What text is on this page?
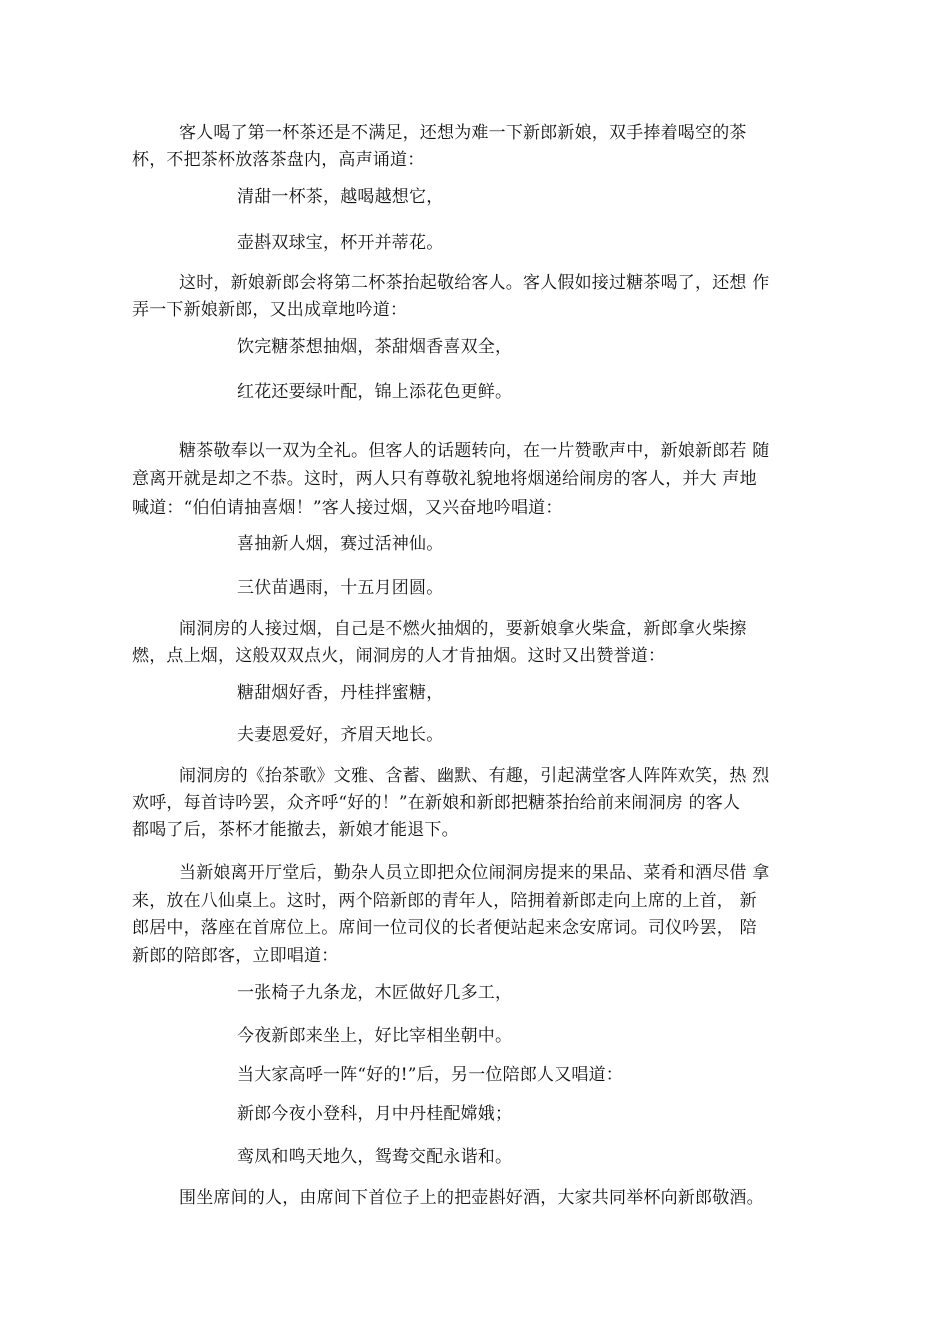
客人喝了第一杯茶还是不满足，还想为难一下新郎新娘，双手捧着喝空的茶
杯，不把茶杯放落茶盘内，高声诵道：
清甜一杯茶，越喝越想它，
壶斟双球宝，杯开并蒂花。
这时，新娘新郎会将第二杯茶抬起敬给客人。客人假如接过糖茶喝了，还想 作
弄一下新娘新郎，又出成章地吟道：
饮完糖茶想抽烟，茶甜烟香喜双全，
红花还要绿叶配，锦上添花色更鲜。
糖茶敬奉以一双为全礼。但客人的话题转向，在一片赞歌声中，新娘新郎若 随
意离开就是却之不恭。这时，两人只有尊敬礼貌地将烟递给闹房的客人，并大 声地
喊道：“伯伯请抽喜烟！”客人接过烟，又兴奋地吟唱道：
喜抽新人烟，赛过活神仙。
三伏苗遇雨，十五月团圆。
闹洞房的人接过烟，自己是不燃火抽烟的，要新娘拿火柴盒，新郎拿火柴擦
燃，点上烟，这般双双点火，闹洞房的人才肯抽烟。这时又出赞誉道：
糖甜烟好香，丹桂拌蜜糖，
夫妻恩爱好，齐眉天地长。
闹洞房的《抬茶歌》文雅、含蓄、幽默、有趣，引起满堂客人阵阵欢笑，热 烈
欢呼，每首诗吟罢，众齐呼“好的！”在新娘和新郎把糖茶抬给前来闹洞房 的客人
都喝了后，茶杯才能撤去，新娘才能退下。
当新娘离开厅堂后，勤杂人员立即把众位闹洞房提来的果品、菜肴和酒尽借 拿
来，放在八仙桌上。这时，两个陪新郎的青年人，陪拥着新郎走向上席的上首， 新
郎居中，落座在首席位上。席间一位司仪的长者便站起来念安席词。司仪吟罢， 陪
新郎的陪郎客，立即唱道：
一张椅子九条龙，木匠做好几多工，
今夜新郎来坐上，好比宰相坐朝中。
当大家高呼一阵“好的!”后，另一位陪郎人又唱道：
新郎今夜小登科，月中丹桂配嫦娥；
鸾凤和鸣天地久，鸳鸯交配永谐和。
围坐席间的人，由席间下首位子上的把壶斟好酒，大家共同举杯向新郎敬酒。
